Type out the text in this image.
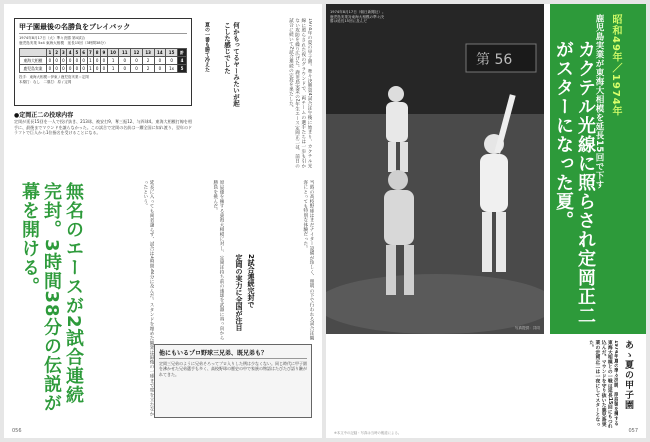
甲子園最後の名勝負をプレイバック
1974年8月17日（大）準々決勝 第4試合
鹿児島実業 5x4 東海大相模　延長15回（3時間38分）
	1	2	3	4	5	6	7	8	9	10	11	12	13	14	15	計
東海大相模	0	0	0	0	0	0	1	0	0	1	0	0	2	0	0	4
鹿児島実業	0	0	0	0	0	0	1	0	0	1	0	0	2	0	1x	5
投手：東海大相模＝伊東 / 鹿児島実業＝定岡
本塁打：なし　二塁打：原 / 定岡
●定岡正二の投球内容
定岡が延長15回を一人で投げ抜き、213球、被安打9、奪三振12、与四球4。東海大相模打線を相手に、最後までマウンドを譲らなかった。この試合で定岡の名前は一躍全国に知れ渡り、翌年のドラフトで巨人から1位指名を受けることになる。	1974年の夏の甲子園。準々決勝第4試合は午後に始まり、カクテル光線に照らされた夜のグラウンドで、両チームの選手たちは一歩も引かない攻防を繰り広げた。鹿児島実業の2年生エース定岡正二は、前日の試合に続いて2試合連続の完投を果たした。
何かもってるヤーみたいが起こした感じでした
夏の一番も勝て冷えた
無名のエースが2試合連続完封。3時間38分の伝説が幕を開ける。	延長に入っても両者譲らず、試合は3時間38分に及んだ。スタンドを埋めた観衆は最後の一球まで席を立たなかったという。	原辰徳を擁する東海大相模に対し、定岡は持ち前の速球を武器に真っ向から勝負を挑んだ。
2試合連続完封で
定岡の実力に全国が注目	当時の高校野球はまだナイター設備が珍しく、照明の下で行われる試合は観客にとっても特別な体験だった。
他にもいるプロ野球三兄弟、既兄弟も？
定岡三兄弟のように兄弟そろってプロ入りした例は少なくない。同じ時代に甲子園を沸かせた兄弟選手も多く、高校野球の歴史の中で家族の物語はたびたび語り継がれてきた。
056
第 56
1974年8月17日（朝日新聞社）。鹿児島実業対東海大相模の準々決勝は延長15回に及んだ
写真提供：共同
昭和49年／1974年
鹿児島実業が東海大相模を延長15回で下す
カクテル光線に照らされ定岡正二がスターになった夏。
あゝ夏の甲子園
1974年夏の準々決勝、原辰徳を擁する東海大相模との一戦は延長15回にもつれ込んだ。マウンドを守り抜いた鹿児島実業の定岡正二は一夜にしてスターとなった。
※本文中の記録・写真は当時の報道による。	057
